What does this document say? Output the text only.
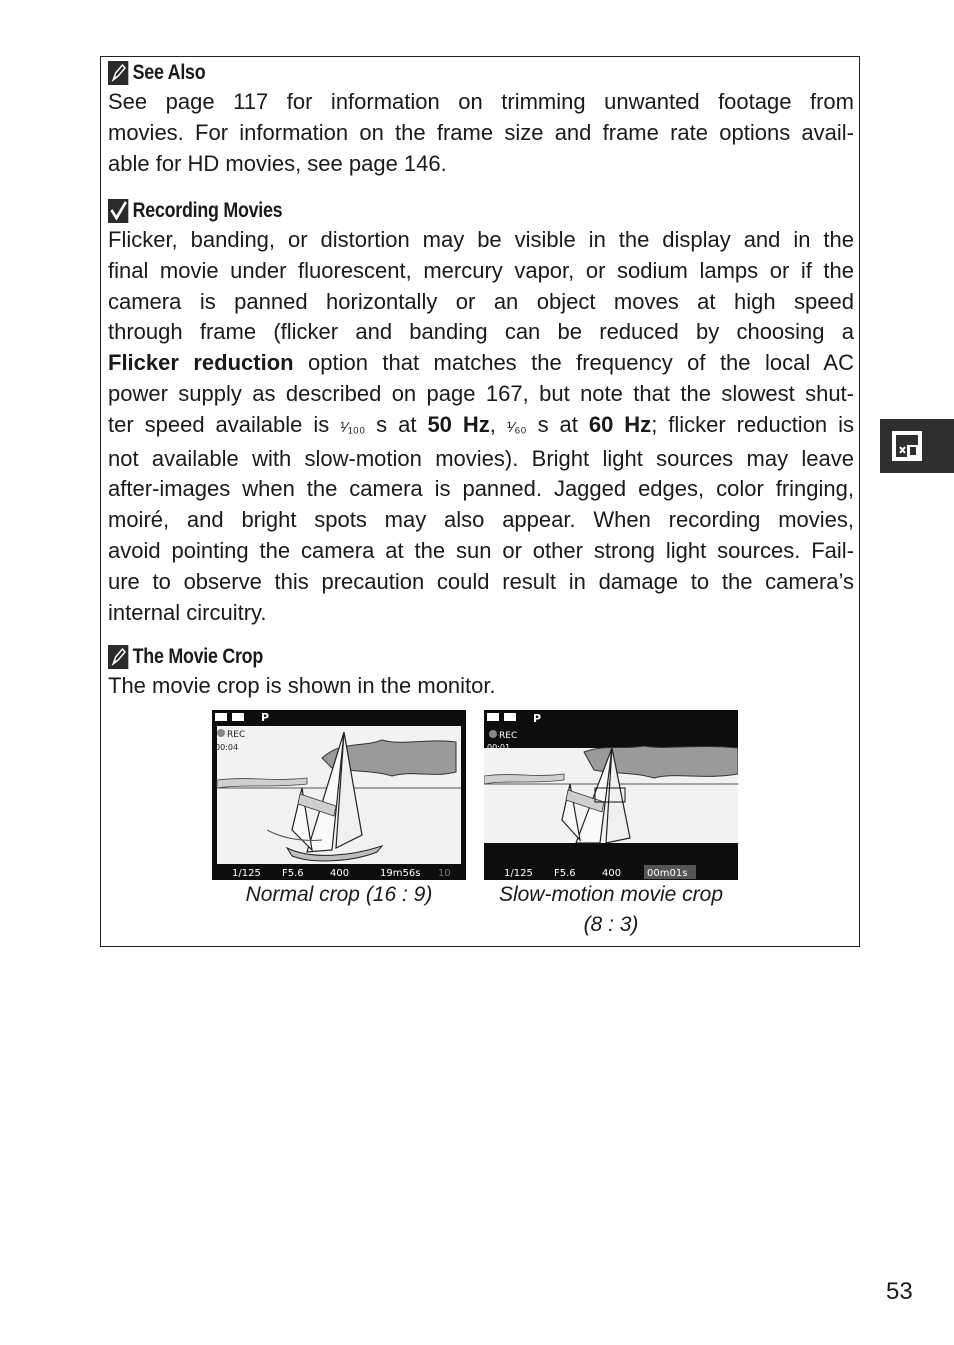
See Also

See page 117 for information on trimming unwanted footage from
movies. For information on the frame size and frame rate options avail-
able for HD movies, see page 146.

Recording Movies

Flicker, banding, or distortion may be visible in the display and in the
final movie under fluorescent, mercury vapor, or sodium lamps or if the
camera is panned horizontally or an object moves at high speed
through frame (flicker and banding can be reduced by choosing a
Flicker reduction option that matches the frequency of the local AC
power supply as described on page 167, but note that the slowest shut-
ter speed available is ¹⁄₁₀₀ s at 50 Hz, ¹⁄₆₀ s at 60 Hz; flicker reduction is
not available with slow-motion movies). Bright light sources may leave
after-images when the camera is panned. Jagged edges, color fringing,
moiré, and bright spots may also appear. When recording movies,
avoid pointing the camera at the sun or other strong light sources. Fail-
ure to observe this precaution could result in damage to the camera’s
internal circuitry.

The Movie Crop

The movie crop is shown in the monitor.

P
REC
00:04
1/125 F5.6	400	19m56s 10
P
REC
00:01
1/125 F5.6	400	00m01s
Normal crop (16 : 9)	Slow-motion movie crop
(8 : 3)
53
